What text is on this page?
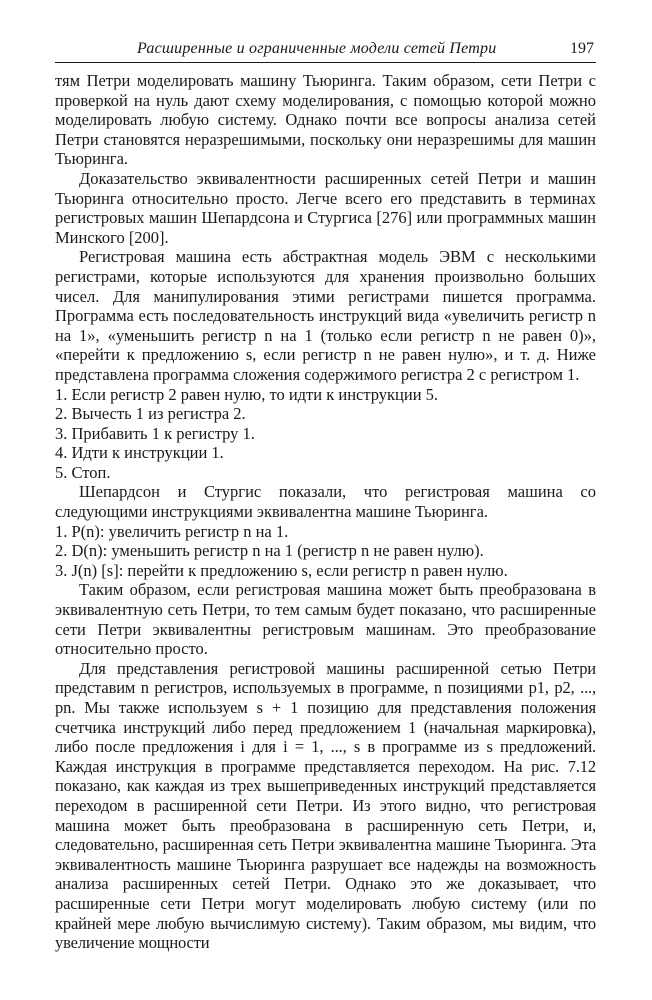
Расширенные и ограниченные модели сетей Петри	197

тям Петри моделировать машину Тьюринга. Таким образом, сети Петри с проверкой на нуль дают схему моделирования, с помощью которой можно моделировать любую систему. Однако почти все вопросы анализа сетей Петри становятся неразрешимыми, поскольку они неразрешимы для машин Тьюринга.

Доказательство эквивалентности расширенных сетей Петри и машин Тьюринга относительно просто. Легче всего его представить в терминах регистровых машин Шепардсона и Стургиса [276] или программных машин Минского [200].

Регистровая машина есть абстрактная модель ЭВМ с несколькими регистрами, которые используются для хранения произвольно больших чисел. Для манипулирования этими регистрами пишется программа. Программа есть последовательность инструкций вида «увеличить регистр n на 1», «уменьшить регистр n на 1 (только если регистр n не равен 0)», «перейти к предложению s, если регистр n не равен нулю», и т. д. Ниже представлена программа сложения содержимого регистра 2 с регистром 1.

1. Если регистр 2 равен нулю, то идти к инструкции 5.

2. Вычесть 1 из регистра 2.

3. Прибавить 1 к регистру 1.

4. Идти к инструкции 1.

5. Стоп.

Шепардсон и Стургис показали, что регистровая машина со следующими инструкциями эквивалентна машине Тьюринга.

1. P(n): увеличить регистр n на 1.

2. D(n): уменьшить регистр n на 1 (регистр n не равен нулю).

3. J(n) [s]: перейти к предложению s, если регистр n равен нулю.

Таким образом, если регистровая машина может быть преобразована в эквивалентную сеть Петри, то тем самым будет показано, что расширенные сети Петри эквивалентны регистровым машинам. Это преобразование относительно просто.

Для представления регистровой машины расширенной сетью Петри представим n регистров, используемых в программе, n позициями p1, p2, ..., pn. Мы также используем s + 1 позицию для представления положения счетчика инструкций либо перед предложением 1 (начальная маркировка), либо после предложения i для i = 1, ..., s в программе из s предложений. Каждая инструкция в программе представляется переходом. На рис. 7.12 показано, как каждая из трех вышеприведенных инструкций представляется переходом в расширенной сети Петри. Из этого видно, что регистровая машина может быть преобразована в расширенную сеть Петри, и, следовательно, расширенная сеть Петри эквивалентна машине Тьюринга. Эта эквивалентность машине Тьюринга разрушает все надежды на возможность анализа расширенных сетей Петри. Однако это же доказывает, что расширенные сети Петри могут моделировать любую систему (или по крайней мере любую вычислимую систему). Таким образом, мы видим, что увеличение мощности
